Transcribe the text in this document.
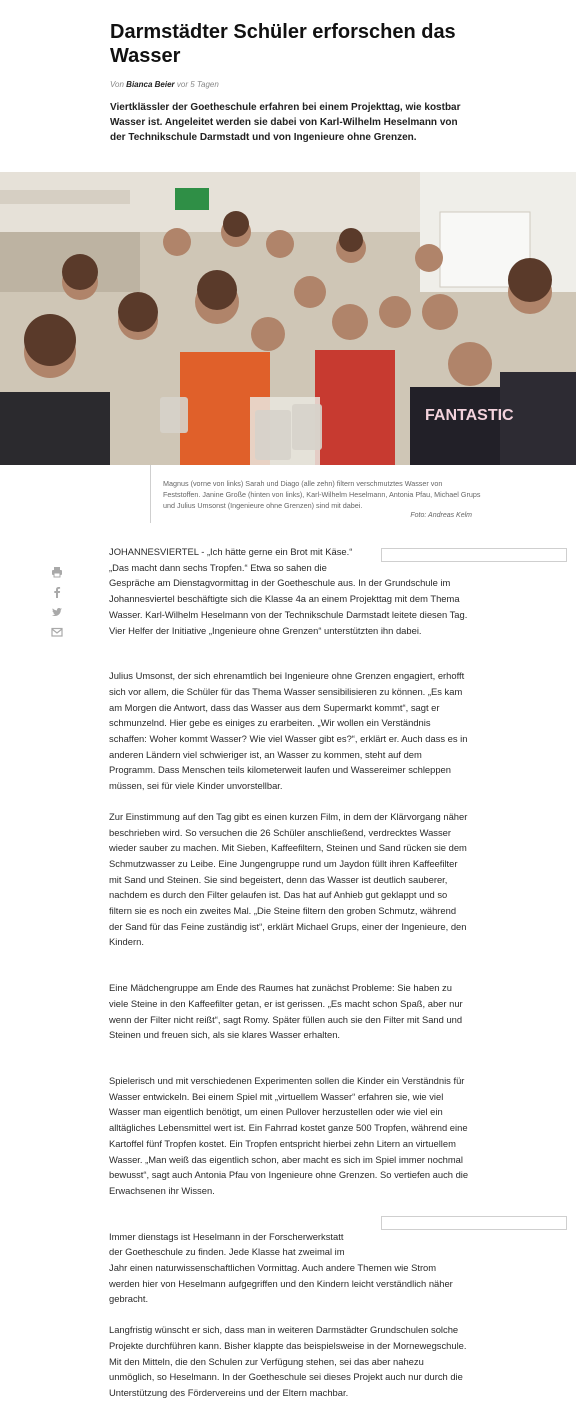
Darmstädter Schüler erforschen das Wasser
Von Bianca Beier vor 5 Tagen

Viertklässler der Goetheschule erfahren bei einem Projekttag, wie kostbar Wasser ist. Angeleitet werden sie dabei von Karl-Wilhelm Heselmann von der Technikschule Darmstadt und von Ingenieure ohne Grenzen.

FANTASTIC

Magnus (vorne von links) Sarah und Diago (alle zehn) filtern verschmutztes Wasser von Feststoffen. Janine Große (hinten von links), Karl-Wilhelm Heselmann, Antonia Pfau, Michael Grups und Julius Umsonst (Ingenieure ohne Grenzen) sind mit dabei.

Foto: Andreas Kelm

JOHANNESVIERTEL - „Ich hätte gerne ein Brot mit Käse.“
„Das macht dann sechs Tropfen.“ Etwa so sahen die
Gespräche am Dienstagvormittag in der Goetheschule aus. In der Grundschule im Johannesviertel beschäftigte sich die Klasse 4a an einem Projekttag mit dem Thema Wasser. Karl-Wilhelm Heselmann von der Technikschule Darmstadt leitete diesen Tag. Vier Helfer der Initiative „Ingenieure ohne Grenzen“ unterstützten ihn dabei.

Julius Umsonst, der sich ehrenamtlich bei Ingenieure ohne Grenzen engagiert, erhofft sich vor allem, die Schüler für das Thema Wasser sensibilisieren zu können. „Es kam am Morgen die Antwort, dass das Wasser aus dem Supermarkt kommt“, sagt er schmunzelnd. Hier gebe es einiges zu erarbeiten. „Wir wollen ein Verständnis schaffen: Woher kommt Wasser? Wie viel Wasser gibt es?“, erklärt er. Auch dass es in anderen Ländern viel schwieriger ist, an Wasser zu kommen, steht auf dem Programm. Dass Menschen teils kilometerweit laufen und Wassereimer schleppen müssen, sei für viele Kinder unvorstellbar.

Zur Einstimmung auf den Tag gibt es einen kurzen Film, in dem der Klärvorgang näher beschrieben wird. So versuchen die 26 Schüler anschließend, verdrecktes Wasser wieder sauber zu machen. Mit Sieben, Kaffeefiltern, Steinen und Sand rücken sie dem Schmutzwasser zu Leibe. Eine Jungengruppe rund um Jaydon füllt ihren Kaffeefilter mit Sand und Steinen. Sie sind begeistert, denn das Wasser ist deutlich sauberer, nachdem es durch den Filter gelaufen ist. Das hat auf Anhieb gut geklappt und so filtern sie es noch ein zweites Mal. „Die Steine filtern den groben Schmutz, während der Sand für das Feine zuständig ist“, erklärt Michael Grups, einer der Ingenieure, den Kindern.

Eine Mädchengruppe am Ende des Raumes hat zunächst Probleme: Sie haben zu viele Steine in den Kaffeefilter getan, er ist gerissen. „Es macht schon Spaß, aber nur wenn der Filter nicht reißt“, sagt Romy. Später füllen auch sie den Filter mit Sand und Steinen und freuen sich, als sie klares Wasser erhalten.

Spielerisch und mit verschiedenen Experimenten sollen die Kinder ein Verständnis für Wasser entwickeln. Bei einem Spiel mit „virtuellem Wasser“ erfahren sie, wie viel Wasser man eigentlich benötigt, um einen Pullover herzustellen oder wie viel ein alltägliches Lebensmittel wert ist. Ein Fahrrad kostet ganze 500 Tropfen, während eine Kartoffel fünf Tropfen kostet. Ein Tropfen entspricht hierbei zehn Litern an virtuellem Wasser. „Man weiß das eigentlich schon, aber macht es sich im Spiel immer nochmal bewusst“, sagt auch Antonia Pfau von Ingenieure ohne Grenzen. So vertiefen auch die Erwachsenen ihr Wissen.

Immer dienstags ist Heselmann in der Forscherwerkstatt
der Goetheschule zu finden. Jede Klasse hat zweimal im
Jahr einen naturwissenschaftlichen Vormittag. Auch andere Themen wie Strom werden hier von Heselmann aufgegriffen und den Kindern leicht verständlich näher gebracht.

Langfristig wünscht er sich, dass man in weiteren Darmstädter Grundschulen solche Projekte durchführen kann. Bisher klappte das beispielsweise in der Mornewegschule. Mit den Mitteln, die den Schulen zur Verfügung stehen, sei das aber nahezu unmöglich, so Heselmann. In der Goetheschule sei dieses Projekt auch nur durch die Unterstützung des Fördervereins und der Eltern machbar.
